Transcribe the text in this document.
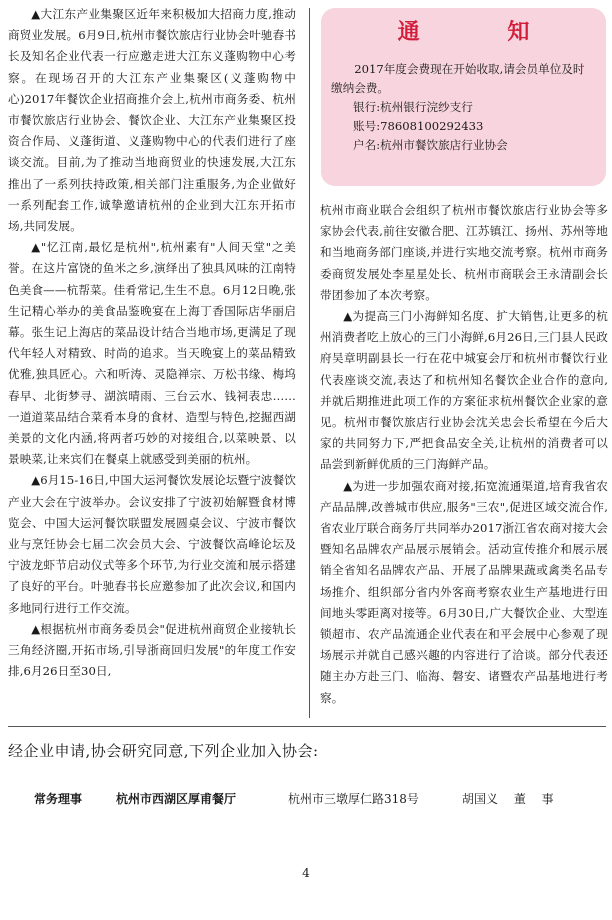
▲大江东产业集聚区近年来积极加大招商力度,推动商贸业发展。6月9日,杭州市餐饮旅店行业协会叶驰舂书长及知名企业代表一行应邀走进大江东义蓬购物中心考察。在现场召开的大江东产业集聚区(义蓬购物中心)2017年餐饮企业招商推介会上,杭州市商务委、杭州市餐饮旅店行业协会、餐饮企业、大江东产业集聚区投资合作局、义蓬街道、义蓬购物中心的代表们进行了座谈交流。目前,为了推动当地商贸业的快速发展,大江东推出了一系列扶持政策,相关部门注重服务,为企业做好一系列配套工作,诚挚邀请杭州的企业到大江东开拓市场,共同发展。

▲"忆江南,最忆是杭州",杭州素有"人间天堂"之美誉。在这片富饶的鱼米之乡,演绎出了独具风味的江南特色美食——杭帮菜。佳肴常记,生生不息。6月12日晚,张生记精心举办的美食品鉴晚宴在上海丁香国际店华丽启幕。张生记上海店的菜品设计结合当地市场,更满足了现代年轻人对精致、时尚的追求。当天晚宴上的菜品精致优雅,独具匠心。六和听涛、灵隐禅宗、万松书缘、梅坞春早、北街梦寻、湖滨晴雨、三台云水、钱祠表忠……一道道菜品结合菜肴本身的食材、造型与特色,挖掘西湖美景的文化内涵,将两者巧妙的对接组合,以菜映景、以景映菜,让来宾们在餐桌上就感受到美丽的杭州。

▲6月15-16日,中国大运河餐饮发展论坛暨宁波餐饮产业大会在宁波举办。会议安排了宁波初始解暨食材博览会、中国大运河餐饮联盟发展圆桌会议、宁波市餐饮业与烹饪协会七届二次会员大会、宁波餐饮高峰论坛及宁波龙虾节启动仪式等多个环节,为行业交流和展示搭建了良好的平台。叶驰舂书长应邀参加了此次会议,和国内多地同行进行工作交流。

▲根据杭州市商务委员会"促进杭州商贸企业接轨长三角经济圈,开拓市场,引导浙商回归发展"的年度工作安排,6月26日至30日,

通 知

2017年度会费现在开始收取,请会员单位及时缴纳会费。

银行:杭州银行浣纱支行

账号:78608100292433

户名:杭州市餐饮旅店行业协会

杭州市商业联合会组织了杭州市餐饮旅店行业协会等多家协会代表,前往安徽合肥、江苏镇江、扬州、苏州等地和当地商务部门座谈,并进行实地交流考察。杭州市商务委商贸发展处李星星处长、杭州市商联会王永清副会长带团参加了本次考察。

▲为提高三门小海鲜知名度、扩大销售,让更多的杭州消费者吃上放心的三门小海鲜,6月26日,三门县人民政府吴章明副县长一行在花中城宴会厅和杭州市餐饮行业代表座谈交流,表达了和杭州知名餐饮企业合作的意向,并就后期推进此项工作的方案征求杭州餐饮企业家的意见。杭州市餐饮旅店行业协会沈关忠会长希望在今后大家的共同努力下,严把食品安全关,让杭州的消费者可以品尝到新鲜优质的三门海鲜产品。

▲为进一步加强农商对接,拓宽流通渠道,培育我省农产品品牌,改善城市供应,服务"三农",促进区域交流合作,省农业厅联合商务厅共同举办2017浙江省农商对接大会暨知名品牌农产品展示展销会。活动宣传推介和展示展销全省知名品牌农产品、开展了品牌果蔬或禽类名品专场推介、组织部分省内外客商考察农业生产基地进行田间地头零距离对接等。6月30日,广大餐饮企业、大型连锁超市、农产品流通企业代表在和平会展中心参观了现场展示并就自己感兴趣的内容进行了洽谈。部分代表还随主办方赴三门、临海、磐安、诸暨农产品基地进行考察。

经企业申请,协会研究同意,下列企业加入协会:
常务理事	杭州市西湖区厚甫餐厅	杭州市三墩厚仁路318号	胡国义 董 事
4
